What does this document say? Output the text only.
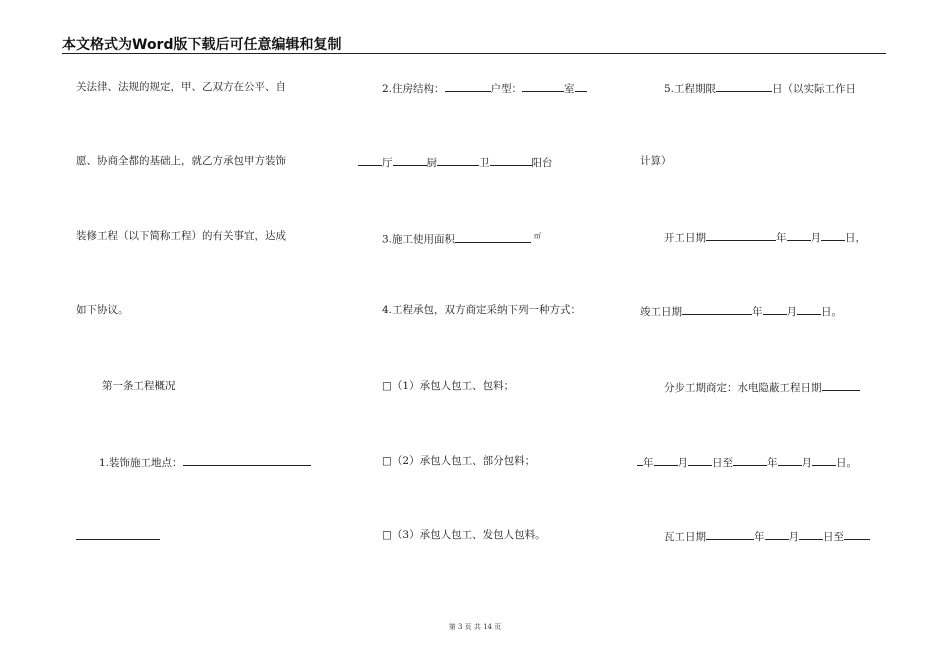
本文格式为Word版下载后可任意编辑和复制
关法律、法规的规定，甲、乙双方在公平、自
愿、协商全都的基础上，就乙方承包甲方装饰
装修工程（以下简称工程）的有关事宜，达成
如下协议。
第一条工程概况
1.装饰施工地点：
2.住房结构：	户型：	室
厅	厨	卫	阳台
3.施工使用面积	㎡
4.工程承包，双方商定采纳下列一种方式：
□（1）承包人包工、包料；
□（2）承包人包工、部分包料；
□（3）承包人包工、发包人包料。
5.工程期限	日（以实际工作日
计算）
开工日期	年 月 日，
竣工日期	年 月 日。
分步工期商定：水电隐蔽工程日期
年 月 日至	年 月 日。
瓦工日期	年 月 日至
第 3 页 共 14 页
